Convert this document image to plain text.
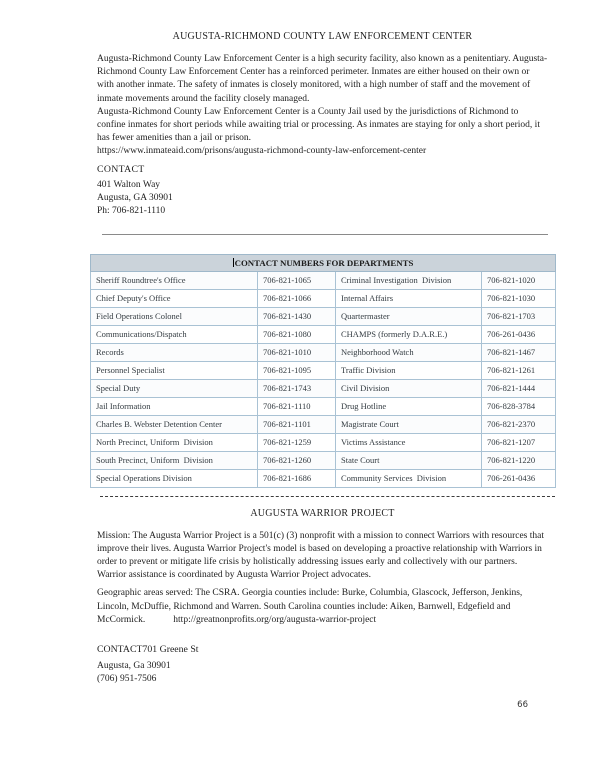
AUGUSTA-RICHMOND COUNTY LAW ENFORCEMENT CENTER

Augusta-Richmond County Law Enforcement Center is a high security facility, also known as a penitentiary. Augusta-Richmond County Law Enforcement Center has a reinforced perimeter. Inmates are either housed on their own or with another inmate. The safety of inmates is closely monitored, with a high number of staff and the movement of inmate movements around the facility closely managed.

Augusta-Richmond County Law Enforcement Center is a County Jail used by the jurisdictions of Richmond to confine inmates for short periods while awaiting trial or processing. As inmates are staying for only a short period, it has fewer amenities than a jail or prison.

https://www.inmateaid.com/prisons/augusta-richmond-county-law-enforcement-center

CONTACT

401 Walton Way
Augusta, GA 30901
Ph: 706-821-1110
CONTACT NUMBERS FOR DEPARTMENTS			
Sheriff Roundtree's Office	706-821-1065	Criminal Investigation  Division	706-821-1020
Chief Deputy's Office	706-821-1066	Internal Affairs	706-821-1030
Field Operations Colonel	706-821-1430	Quartermaster	706-821-1703
Communications/Dispatch	706-821-1080	CHAMPS (formerly D.A.R.E.)	706-261-0436
Records	706-821-1010	Neighborhood Watch	706-821-1467
Personnel Specialist	706-821-1095	Traffic Division	706-821-1261
Special Duty	706-821-1743	Civil Division	706-821-1444
Jail Information	706-821-1110	Drug Hotline	706-828-3784
Charles B. Webster Detention Center	706-821-1101	Magistrate Court	706-821-2370
North Precinct, Uniform  Division	706-821-1259	Victims Assistance	706-821-1207
South Precinct, Uniform  Division	706-821-1260	State Court	706-821-1220
Special Operations Division	706-821-1686	Community Services  Division	706-261-0436
AUGUSTA WARRIOR PROJECT

Mission: The Augusta Warrior Project is a 501(c) (3) nonprofit with a mission to connect Warriors with resources that improve their lives. Augusta Warrior Project's model is based on developing a proactive relationship with Warriors in order to prevent or mitigate life crisis by holistically addressing issues early and collectively with our partners. Warrior assistance is coordinated by Augusta Warrior Project advocates.

Geographic areas served: The CSRA. Georgia counties include: Burke, Columbia, Glascock, Jefferson, Jenkins, Lincoln, McDuffie, Richmond and Warren. South Carolina counties include: Aiken, Barnwell, Edgefield and McCormick.	http://greatnonprofits.org/org/augusta-warrior-project

CONTACT701 Greene St

Augusta, Ga 30901
(706) 951-7506
66
